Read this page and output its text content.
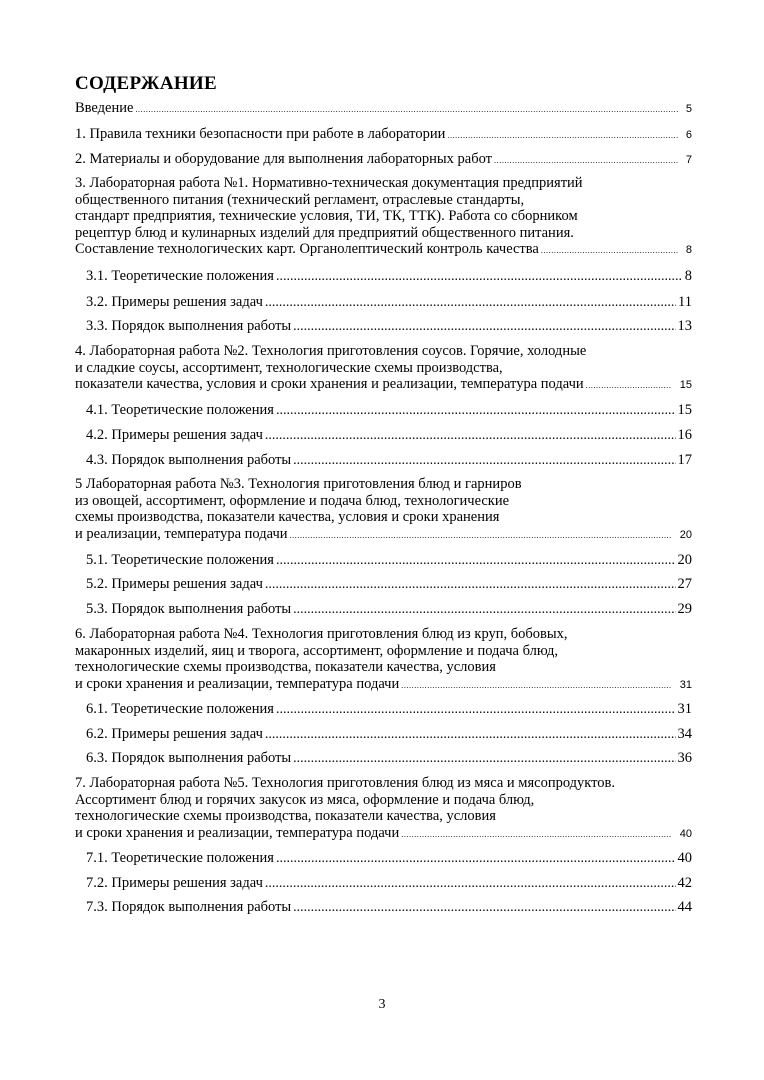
СОДЕРЖАНИЕ
Введение .....	5
1. Правила техники безопасности при работе в лаборатории .....	6
2. Материалы и оборудование для выполнения лабораторных работ .....	7
3. Лабораторная работа №1. Нормативно-техническая документация предприятий
общественного питания (технический регламент, отраслевые стандарты,
стандарт предприятия, технические условия, ТИ, ТК, ТТК). Работа со сборником
рецептур блюд и кулинарных изделий для предприятий общественного питания.
Составление технологических карт. Органолептический контроль качества .....	8
3.1. Теоретические положения .....	8
3.2. Примеры решения задач .....	11
3.3. Порядок выполнения работы .....	13
4. Лабораторная работа №2. Технология приготовления соусов. Горячие, холодные
и сладкие соусы, ассортимент, технологические схемы производства,
показатели качества, условия и сроки хранения и реализации, температура подачи .....	15
4.1. Теоретические положения .....	15
4.2. Примеры решения задач .....	16
4.3. Порядок выполнения работы .....	17
5 Лабораторная работа №3. Технология приготовления блюд и гарниров
из овощей, ассортимент, оформление и подача блюд, технологические
схемы производства, показатели качества, условия и сроки хранения
и реализации, температура подачи .....	20
5.1. Теоретические положения .....	20
5.2. Примеры решения задач .....	27
5.3. Порядок выполнения работы .....	29
6. Лабораторная работа №4. Технология приготовления блюд из круп, бобовых,
макаронных изделий, яиц и творога, ассортимент, оформление и подача блюд,
технологические схемы производства, показатели качества, условия
и сроки хранения и реализации, температура подачи .....	31
6.1. Теоретические положения .....	31
6.2. Примеры решения задач .....	34
6.3. Порядок выполнения работы .....	36
7. Лабораторная работа №5. Технология приготовления блюд из мяса и мясопродуктов.
Ассортимент блюд и горячих закусок из мяса, оформление и подача блюд,
технологические схемы производства, показатели качества, условия
и сроки хранения и реализации, температура подачи .....	40
7.1. Теоретические положения .....	40
7.2. Примеры решения задач .....	42
7.3. Порядок выполнения работы .....	44
3
